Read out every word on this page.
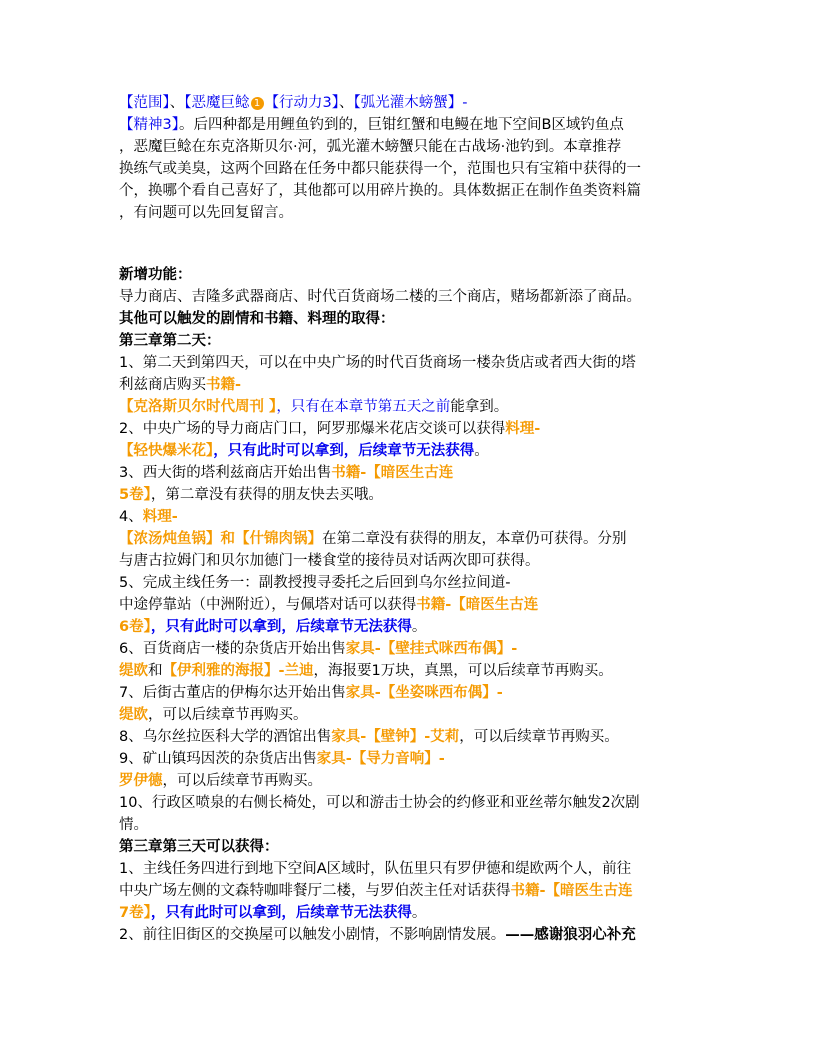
【范围】、【恶魔巨鲶 1 【行动力3】、【弧光灌木螃蟹】-
【精神3】。后四种都是用鲤鱼钓到的，巨钳红蟹和电鳗在地下空间B区域钓鱼点
，恶魔巨鲶在东克洛斯贝尔·河，弧光灌木螃蟹只能在古战场·池钓到。本章推荐
换练气或美臭，这两个回路在任务中都只能获得一个，范围也只有宝箱中获得的一
个，换哪个看自己喜好了，其他都可以用碎片换的。具体数据正在制作鱼类资料篇
，有问题可以先回复留言。
新增功能：
导力商店、吉隆多武器商店、时代百货商场二楼的三个商店，赌场都新添了商品。
其他可以触发的剧情和书籍、料理的取得：
第三章第二天：
1、第二天到第四天，可以在中央广场的时代百货商场一楼杂货店或者西大街的塔
利兹商店购买书籍-
【克洛斯贝尔时代周刊 】，只有在本章节第五天之前能拿到。
2、中央广场的导力商店门口，阿罗那爆米花店交谈可以获得料理-
【轻快爆米花】，只有此时可以拿到，后续章节无法获得。
3、西大街的塔利兹商店开始出售书籍-【暗医生古连
5卷】，第二章没有获得的朋友快去买哦。
4、料理-
【浓汤炖鱼锅】和【什锦肉锅】在第二章没有获得的朋友，本章仍可获得。分别
与唐古拉姆门和贝尔加德门一楼食堂的接待员对话两次即可获得。
5、完成主线任务一：副教授搜寻委托之后回到乌尔丝拉间道-
中途停靠站（中洲附近），与佩塔对话可以获得书籍-【暗医生古连
6卷】，只有此时可以拿到，后续章节无法获得。
6、百货商店一楼的杂货店开始出售家具-【壁挂式咪西布偶】-
缇欧和【伊利雅的海报】-兰迪，海报要1万块，真黑，可以后续章节再购买。
7、后街古董店的伊梅尔达开始出售家具-【坐姿咪西布偶】-
缇欧，可以后续章节再购买。
8、乌尔丝拉医科大学的酒馆出售家具-【壁钟】-艾莉，可以后续章节再购买。
9、矿山镇玛因茨的杂货店出售家具-【导力音响】-
罗伊德，可以后续章节再购买。
10、行政区喷泉的右侧长椅处，可以和游击士协会的约修亚和亚丝蒂尔触发2次剧
情。
第三章第三天可以获得：
1、主线任务四进行到地下空间A区域时，队伍里只有罗伊德和缇欧两个人，前往
中央广场左侧的文森特咖啡餐厅二楼，与罗伯茨主任对话获得书籍-【暗医生古连
7卷】，只有此时可以拿到，后续章节无法获得。
2、前往旧街区的交换屋可以触发小剧情，不影响剧情发展。——感谢狼羽心补充
